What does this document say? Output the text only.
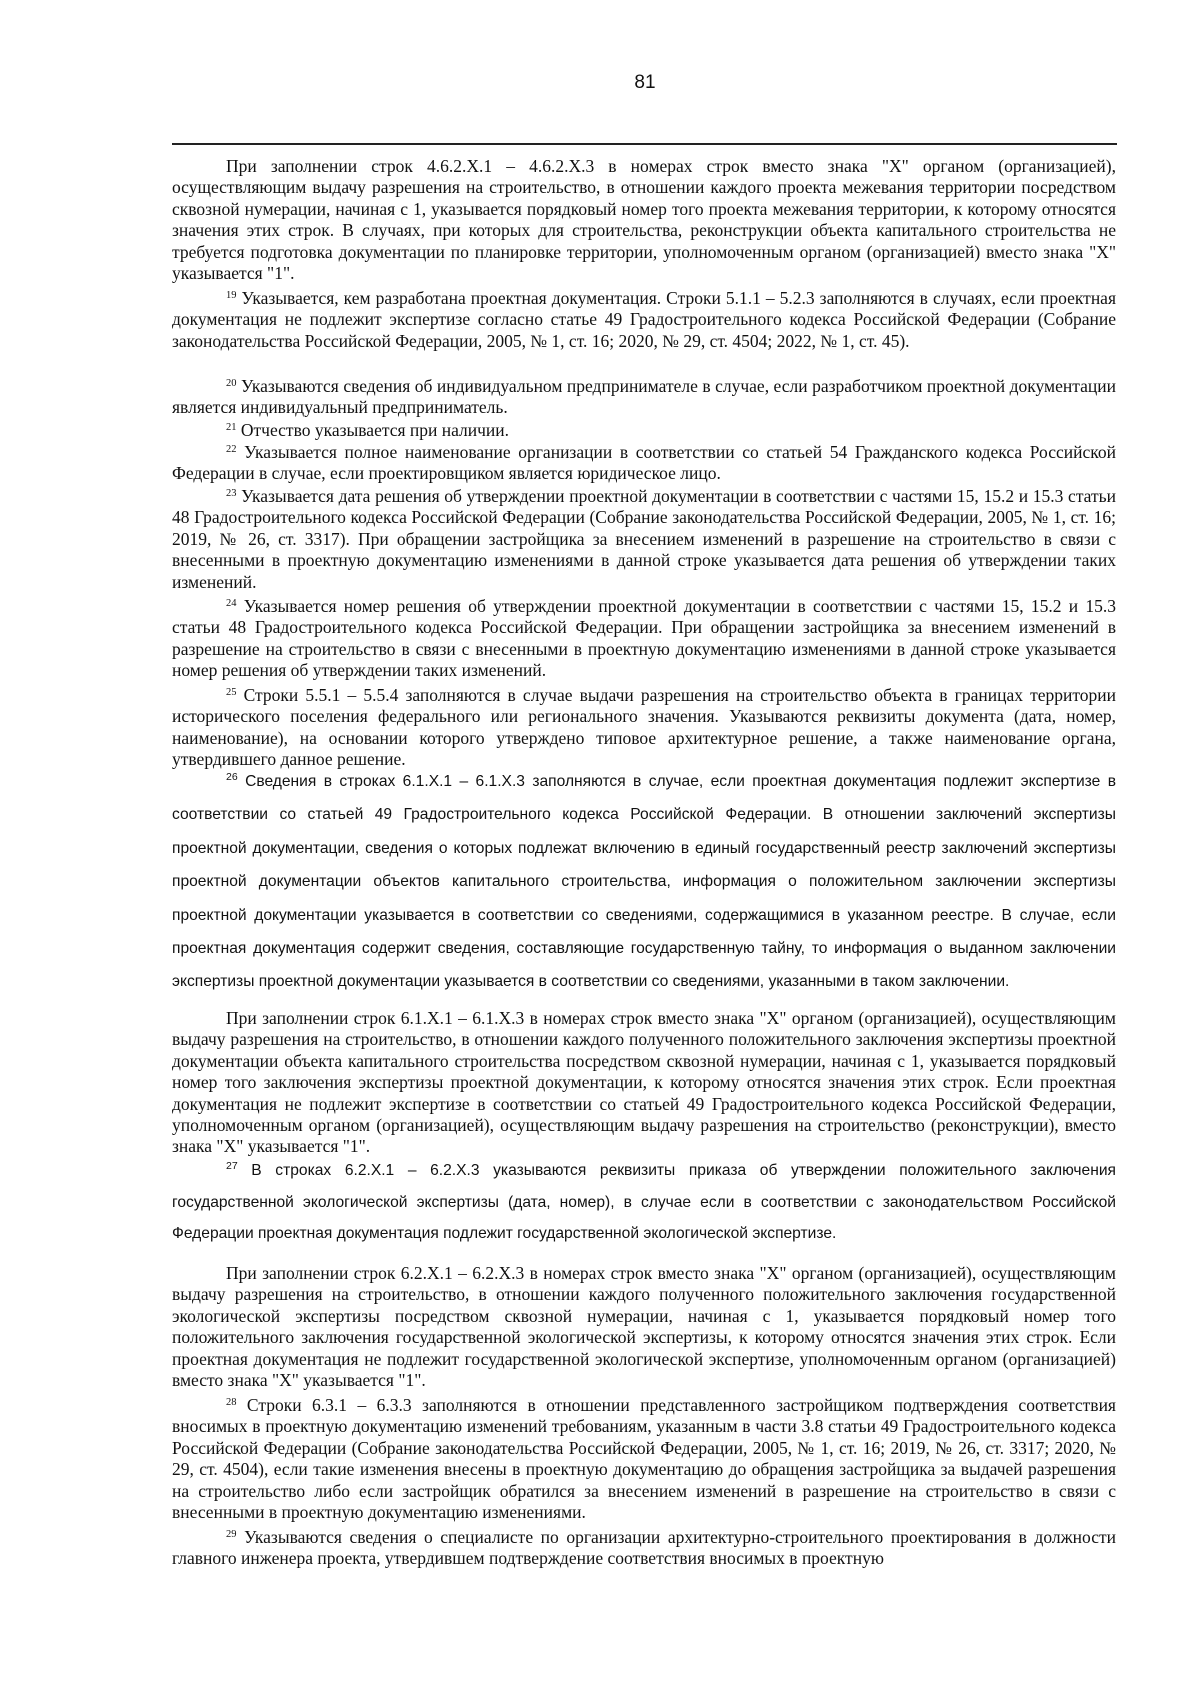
81

При заполнении строк 4.6.2.X.1 – 4.6.2.X.3 в номерах строк вместо знака "X" органом (организацией), осуществляющим выдачу разрешения на строительство, в отношении каждого проекта межевания территории посредством сквозной нумерации, начиная с 1, указывается порядковый номер того проекта межевания территории, к которому относятся значения этих строк. В случаях, при которых для строительства, реконструкции объекта капитального строительства не требуется подготовка документации по планировке территории, уполномоченным органом (организацией) вместо знака "X" указывается "1".

$^{19}$ Указывается, кем разработана проектная документация. Строки 5.1.1 – 5.2.3 заполняются в случаях, если проектная документация не подлежит экспертизе согласно статье 49 Градостроительного кодекса Российской Федерации (Собрание законодательства Российской Федерации, 2005, № 1, ст. 16; 2020, № 29, ст. 4504; 2022, № 1, ст. 45).

$^{20}$ Указываются сведения об индивидуальном предпринимателе в случае, если разработчиком проектной документации является индивидуальный предприниматель.

$^{21}$ Отчество указывается при наличии.

$^{22}$ Указывается полное наименование организации в соответствии со статьей 54 Гражданского кодекса Российской Федерации в случае, если проектировщиком является юридическое лицо.

$^{23}$ Указывается дата решения об утверждении проектной документации в соответствии с частями 15, 15.2 и 15.3 статьи 48 Градостроительного кодекса Российской Федерации (Собрание законодательства Российской Федерации, 2005, № 1, ст. 16; 2019, № 26, ст. 3317). При обращении застройщика за внесением изменений в разрешение на строительство в связи с внесенными в проектную документацию изменениями в данной строке указывается дата решения об утверждении таких изменений.

$^{24}$ Указывается номер решения об утверждении проектной документации в соответствии с частями 15, 15.2 и 15.3 статьи 48 Градостроительного кодекса Российской Федерации. При обращении застройщика за внесением изменений в разрешение на строительство в связи с внесенными в проектную документацию изменениями в данной строке указывается номер решения об утверждении таких изменений.

$^{25}$ Строки 5.5.1 – 5.5.4 заполняются в случае выдачи разрешения на строительство объекта в границах территории исторического поселения федерального или регионального значения. Указываются реквизиты документа (дата, номер, наименование), на основании которого утверждено типовое архитектурное решение, а также наименование органа, утвердившего данное решение.

$^{26}$ Сведения в строках 6.1.X.1 – 6.1.X.3 заполняются в случае, если проектная документация подлежит экспертизе в соответствии со статьей 49 Градостроительного кодекса Российской Федерации. В отношении заключений экспертизы проектной документации, сведения о которых подлежат включению в единый государственный реестр заключений экспертизы проектной документации объектов капитального строительства, информация о положительном заключении экспертизы проектной документации указывается в соответствии со сведениями, содержащимися в указанном реестре. В случае, если проектная документация содержит сведения, составляющие государственную тайну, то информация о выданном заключении экспертизы проектной документации указывается в соответствии со сведениями, указанными в таком заключении.

При заполнении строк 6.1.X.1 – 6.1.X.3 в номерах строк вместо знака "X" органом (организацией), осуществляющим выдачу разрешения на строительство, в отношении каждого полученного положительного заключения экспертизы проектной документации объекта капитального строительства посредством сквозной нумерации, начиная с 1, указывается порядковый номер того заключения экспертизы проектной документации, к которому относятся значения этих строк. Если проектная документация не подлежит экспертизе в соответствии со статьей 49 Градостроительного кодекса Российской Федерации, уполномоченным органом (организацией), осуществляющим выдачу разрешения на строительство (реконструкции), вместо знака "X" указывается "1".

$^{27}$ В строках 6.2.X.1 – 6.2.X.3 указываются реквизиты приказа об утверждении положительного заключения государственной экологической экспертизы (дата, номер), в случае если в соответствии с законодательством Российской Федерации проектная документация подлежит государственной экологической экспертизе.

При заполнении строк 6.2.X.1 – 6.2.X.3 в номерах строк вместо знака "X" органом (организацией), осуществляющим выдачу разрешения на строительство, в отношении каждого полученного положительного заключения государственной экологической экспертизы посредством сквозной нумерации, начиная с 1, указывается порядковый номер того положительного заключения государственной экологической экспертизы, к которому относятся значения этих строк. Если проектная документация не подлежит государственной экологической экспертизе, уполномоченным органом (организацией) вместо знака "X" указывается "1".

$^{28}$ Строки 6.3.1 – 6.3.3 заполняются в отношении представленного застройщиком подтверждения соответствия вносимых в проектную документацию изменений требованиям, указанным в части 3.8 статьи 49 Градостроительного кодекса Российской Федерации (Собрание законодательства Российской Федерации, 2005, № 1, ст. 16; 2019, № 26, ст. 3317; 2020, № 29, ст. 4504), если такие изменения внесены в проектную документацию до обращения застройщика за выдачей разрешения на строительство либо если застройщик обратился за внесением изменений в разрешение на строительство в связи с внесенными в проектную документацию изменениями.

$^{29}$ Указываются сведения о специалисте по организации архитектурно-строительного проектирования в должности главного инженера проекта, утвердившем подтверждение соответствия вносимых в проектную
